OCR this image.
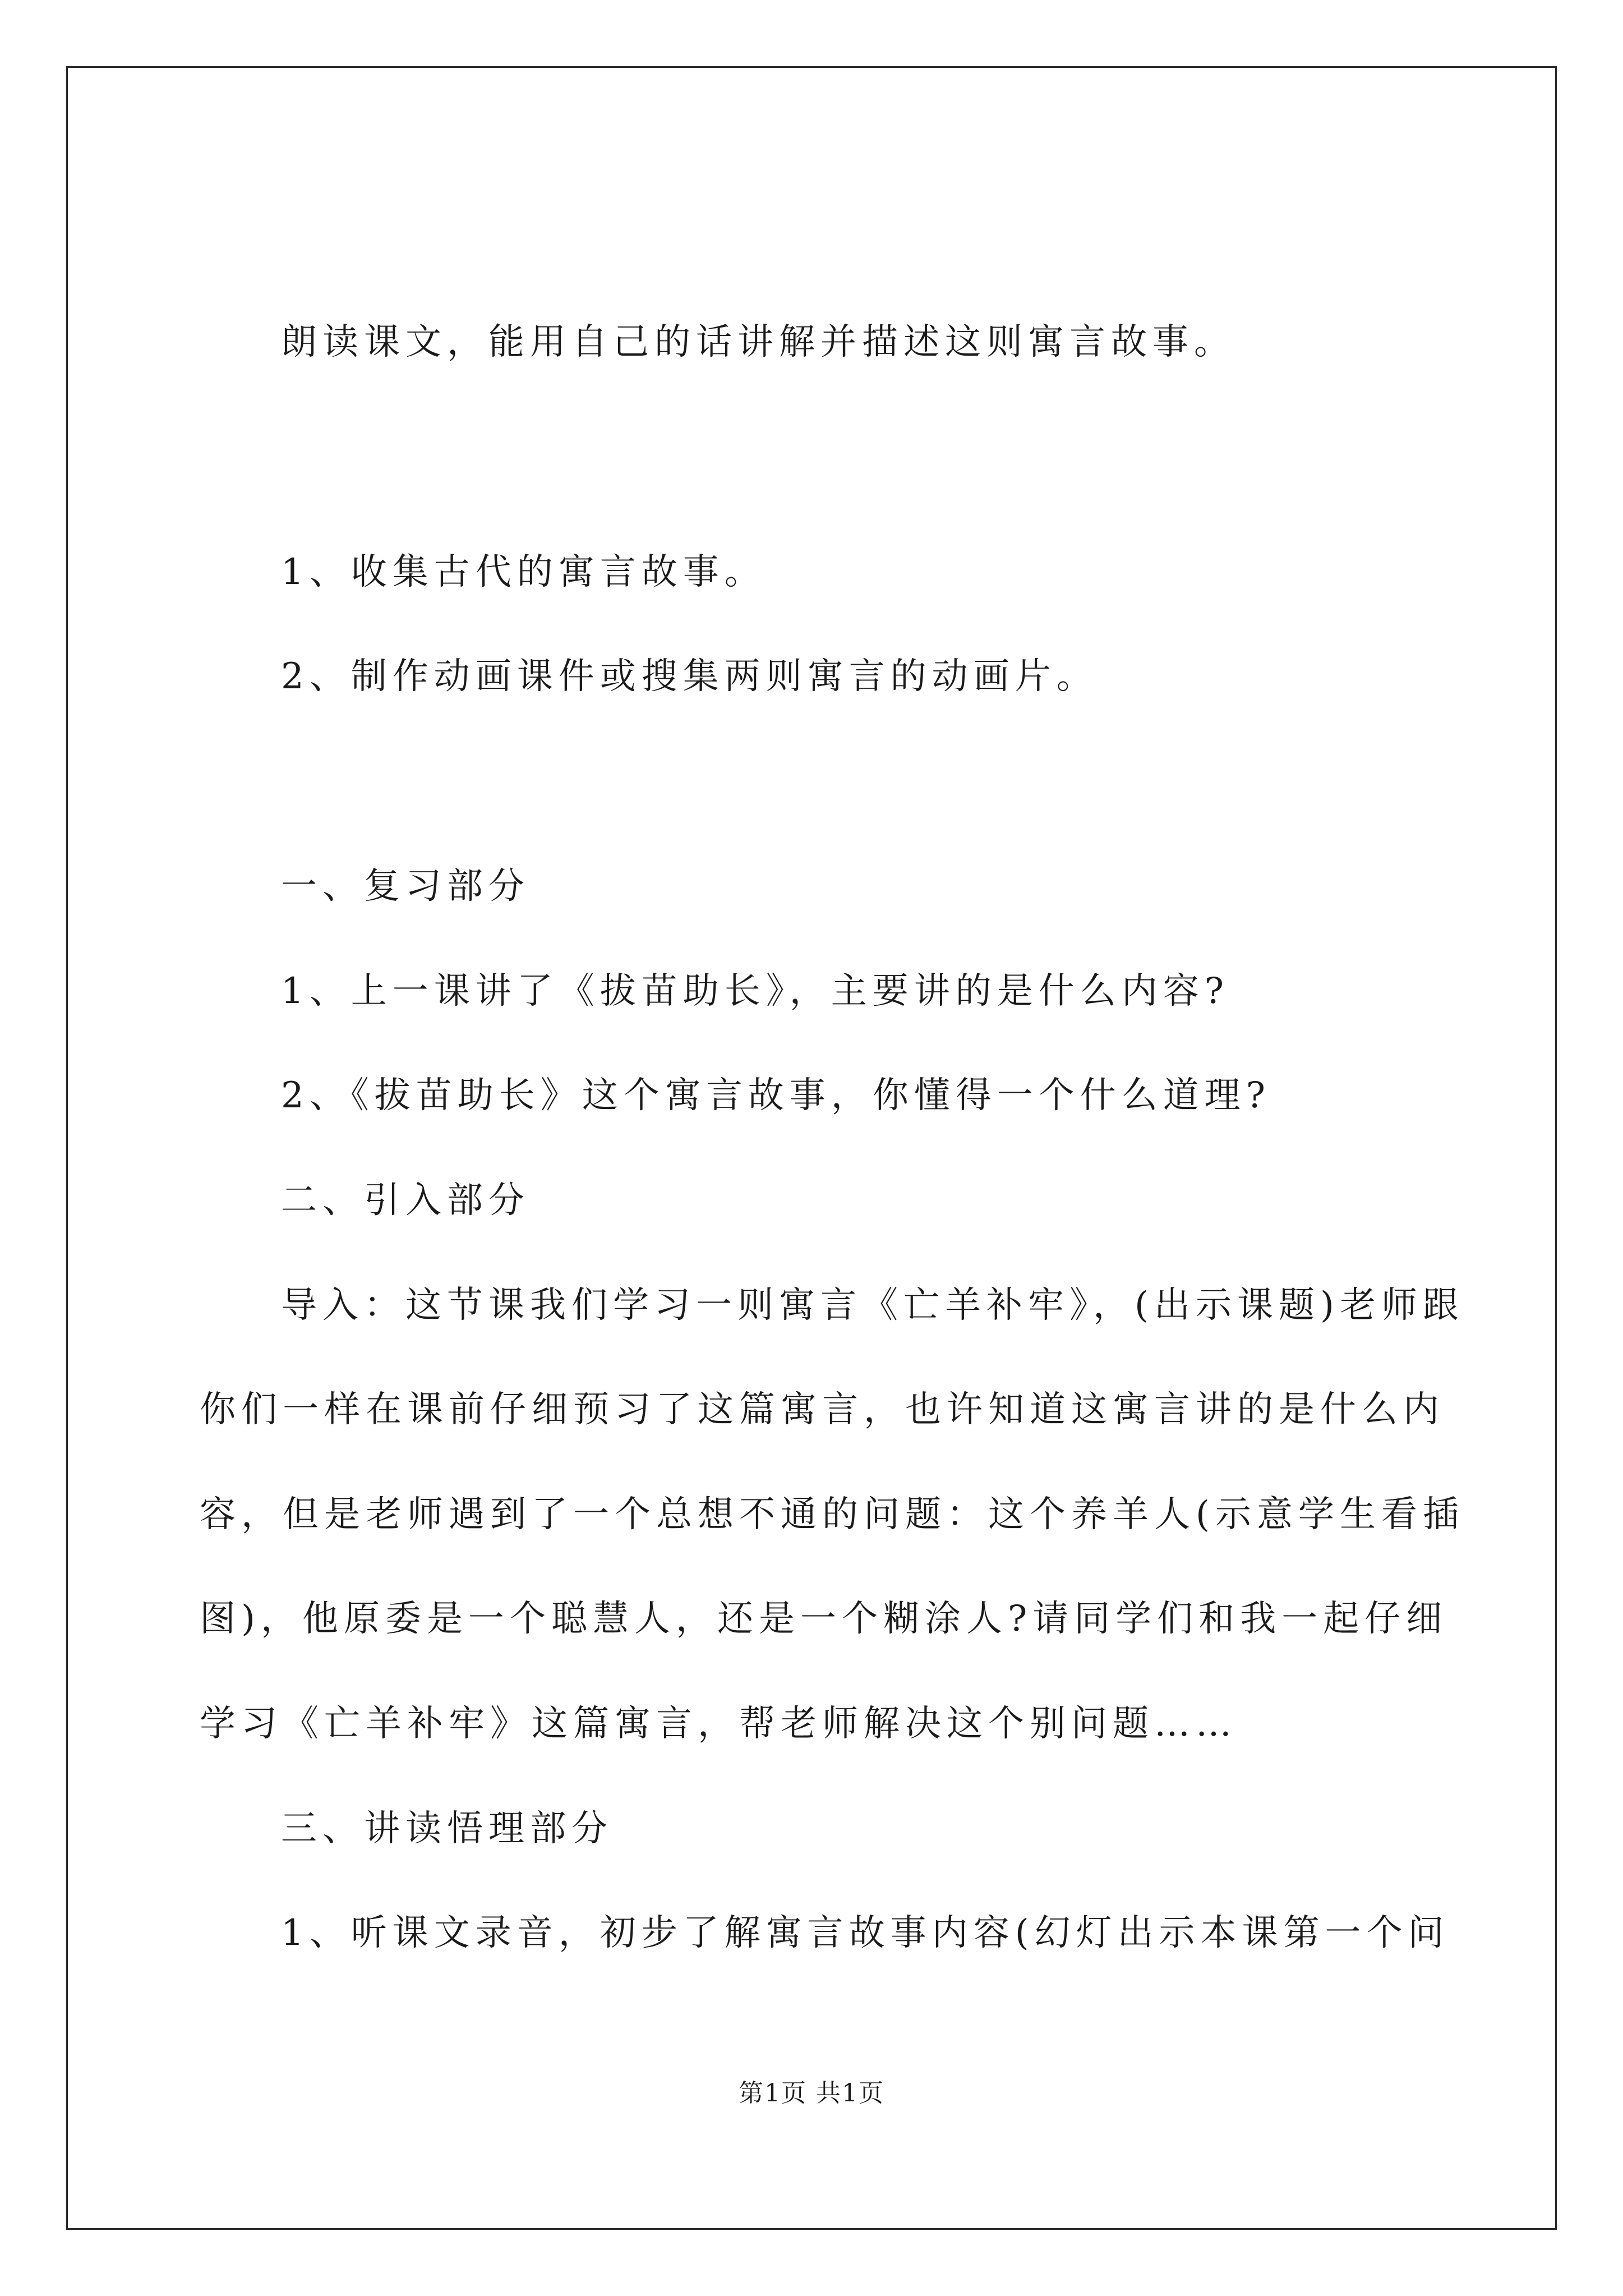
朗读课文，能用自己的话讲解并描述这则寓言故事。
1、收集古代的寓言故事。
2、制作动画课件或搜集两则寓言的动画片。
一、复习部分
1、上一课讲了《拔苗助长》，主要讲的是什么内容?
2、《拔苗助长》这个寓言故事，你懂得一个什么道理?
二、引入部分
导入：这节课我们学习一则寓言《亡羊补牢》，(出示课题)老师跟
你们一样在课前仔细预习了这篇寓言，也许知道这寓言讲的是什么内
容，但是老师遇到了一个总想不通的问题：这个养羊人(示意学生看插
图)，他原委是一个聪慧人，还是一个糊涂人?请同学们和我一起仔细
学习《亡羊补牢》这篇寓言，帮老师解决这个别问题……
三、讲读悟理部分
1、听课文录音，初步了解寓言故事内容(幻灯出示本课第一个问
第1页 共1页
